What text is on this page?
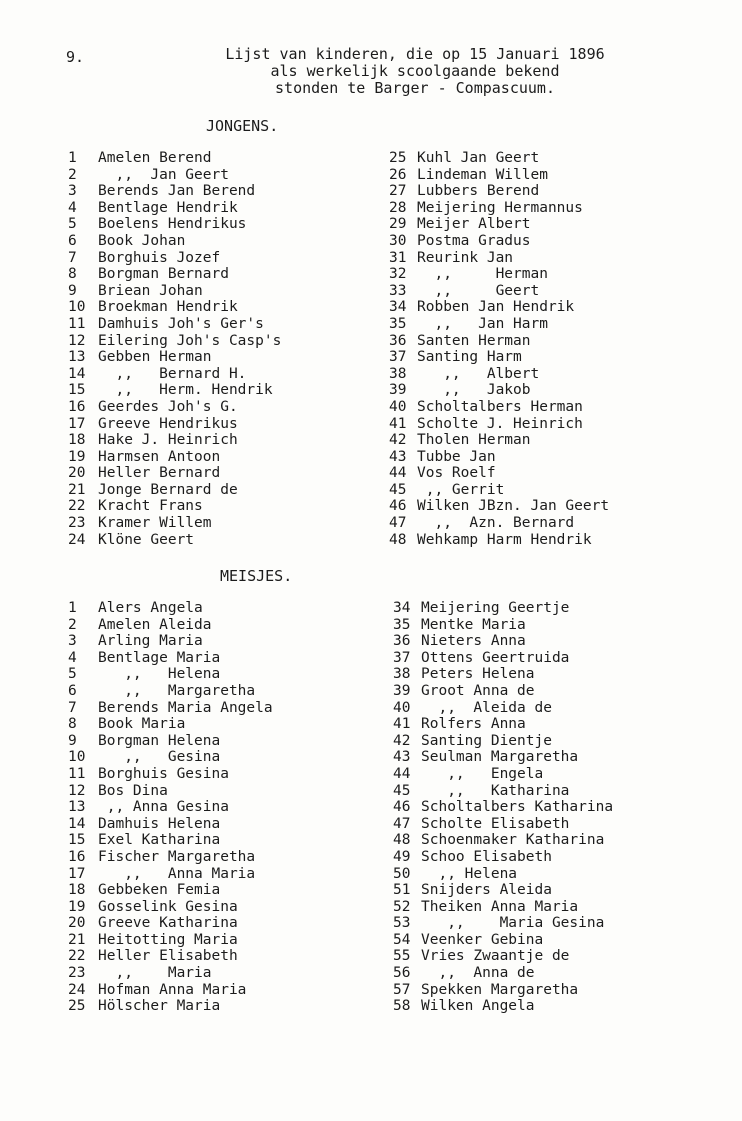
9.	Lijst van kinderen, die op 15 Januari 1896
als werkelijk scoolgaande bekend
stonden te Barger - Compascuum.
JONGENS.
1 Amelen Berend
2  ,,  Jan Geert
3 Berends Jan Berend
4 Bentlage Hendrik
5 Boelens Hendrikus
6 Book Johan
7 Borghuis Jozef
8 Borgman Bernard
9 Briean Johan
10 Broekman Hendrik
11 Damhuis Joh's Ger's
12 Eilering Joh's Casp's
13 Gebben Herman
14  ,,   Bernard H.
15  ,,   Herm. Hendrik
16 Geerdes Joh's G.
17 Greeve Hendrikus
18 Hake J. Heinrich
19 Harmsen Antoon
20 Heller Bernard
21 Jonge Bernard de
22 Kracht Frans
23 Kramer Willem
24 Klöne Geert
25 Kuhl Jan Geert
26 Lindeman Willem
27 Lubbers Berend
28 Meijering Hermannus
29 Meijer Albert
30 Postma Gradus
31 Reurink Jan
32  ,,     Herman
33  ,,     Geert
34 Robben Jan Hendrik
35  ,,   Jan Harm
36 Santen Herman
37 Santing Harm
38   ,,   Albert
39   ,,   Jakob
40 Scholtalbers Herman
41 Scholte J. Heinrich
42 Tholen Herman
43 Tubbe Jan
44 Vos Roelf
45 ,, Gerrit
46 Wilken JBzn. Jan Geert
47  ,,  Azn. Bernard
48 Wehkamp Harm Hendrik
MEISJES.
1 Alers Angela
2 Amelen Aleida
3 Arling Maria
4 Bentlage Maria
5   ,,   Helena
6   ,,   Margaretha
7 Berends Maria Angela
8 Book Maria
9 Borgman Helena
10   ,,   Gesina
11 Borghuis Gesina
12 Bos Dina
13 ,, Anna Gesina
14 Damhuis Helena
15 Exel Katharina
16 Fischer Margaretha
17   ,,   Anna Maria
18 Gebbeken Femia
19 Gosselink Gesina
20 Greeve Katharina
21 Heitotting Maria
22 Heller Elisabeth
23  ,,    Maria
24 Hofman Anna Maria
25 Hölscher Maria
34 Meijering Geertje
35 Mentke Maria
36 Nieters Anna
37 Ottens Geertruida
38 Peters Helena
39 Groot Anna de
40  ,,  Aleida de
41 Rolfers Anna
42 Santing Dientje
43 Seulman Margaretha
44   ,,   Engela
45   ,,   Katharina
46 Scholtalbers Katharina
47 Scholte Elisabeth
48 Schoenmaker Katharina
49 Schoo Elisabeth
50  ,, Helena
51 Snijders Aleida
52 Theiken Anna Maria
53   ,,    Maria Gesina
54 Veenker Gebina
55 Vries Zwaantje de
56  ,,  Anna de
57 Spekken Margaretha
58 Wilken Angela
